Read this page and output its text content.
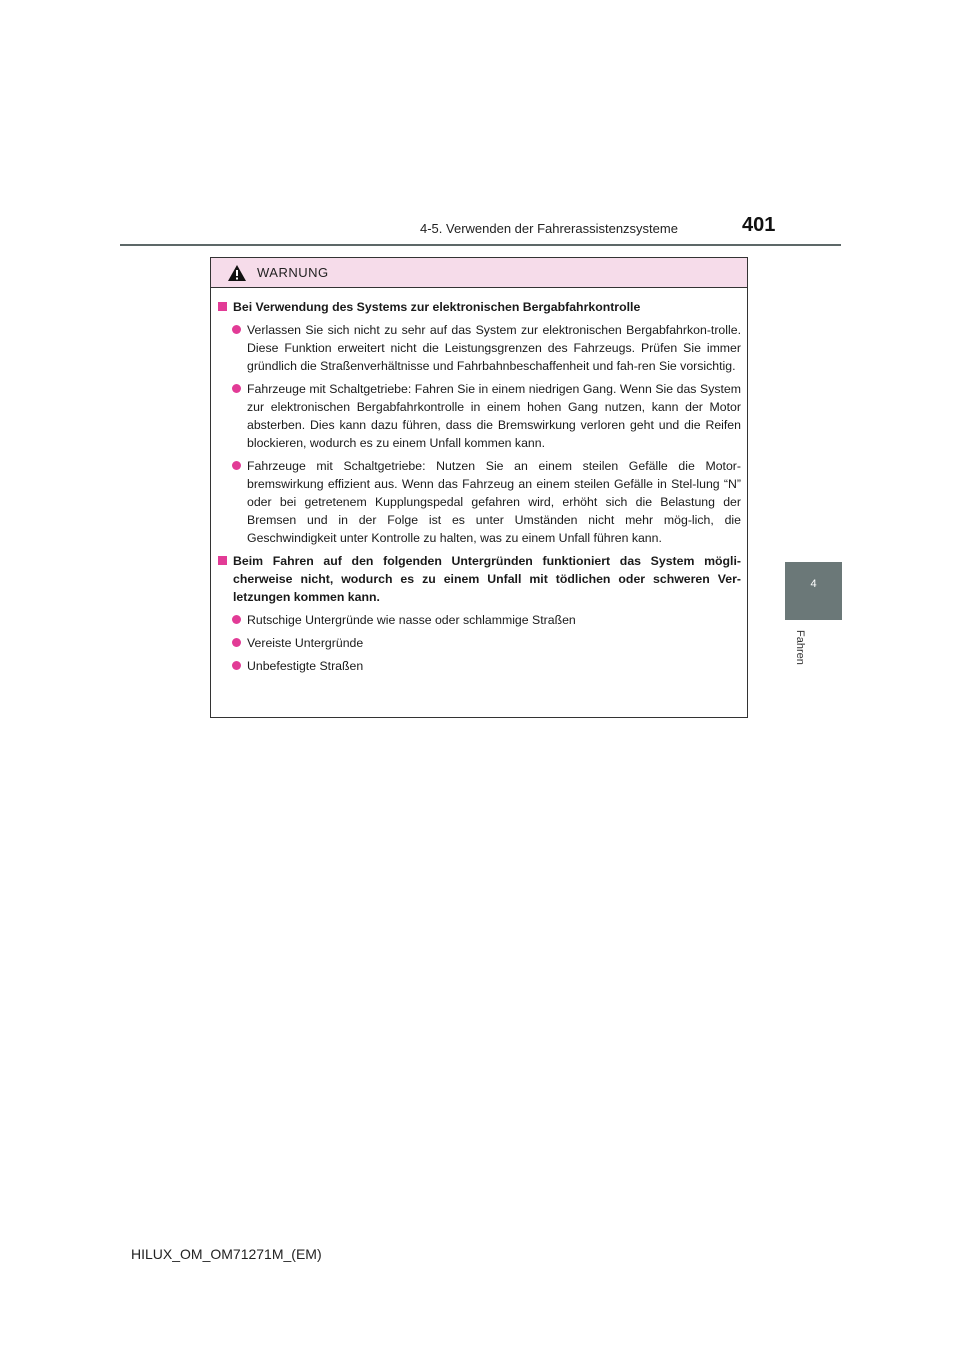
4-5. Verwenden der Fahrerassistenzsysteme	401
4
Fahren
WARNUNG
Bei Verwendung des Systems zur elektronischen Bergabfahrkontrolle
Verlassen Sie sich nicht zu sehr auf das System zur elektronischen Bergabfahrkon-trolle. Diese Funktion erweitert nicht die Leistungsgrenzen des Fahrzeugs. Prüfen Sie immer gründlich die Straßenverhältnisse und Fahrbahnbeschaffenheit und fah-ren Sie vorsichtig.
Fahrzeuge mit Schaltgetriebe: Fahren Sie in einem niedrigen Gang. Wenn Sie das System zur elektronischen Bergabfahrkontrolle in einem hohen Gang nutzen, kann der Motor absterben. Dies kann dazu führen, dass die Bremswirkung verloren geht und die Reifen blockieren, wodurch es zu einem Unfall kommen kann.
Fahrzeuge mit Schaltgetriebe: Nutzen Sie an einem steilen Gefälle die Motor-bremswirkung effizient aus. Wenn das Fahrzeug an einem steilen Gefälle in Stel-lung “N” oder bei getretenem Kupplungspedal gefahren wird, erhöht sich die Belastung der Bremsen und in der Folge ist es unter Umständen nicht mehr mög-lich, die Geschwindigkeit unter Kontrolle zu halten, was zu einem Unfall führen kann.
Beim Fahren auf den folgenden Untergründen funktioniert das System mögli-cherweise nicht, wodurch es zu einem Unfall mit tödlichen oder schweren Ver-letzungen kommen kann.
Rutschige Untergründe wie nasse oder schlammige Straßen
Vereiste Untergründe
Unbefestigte Straßen
HILUX_OM_OM71271M_(EM)
